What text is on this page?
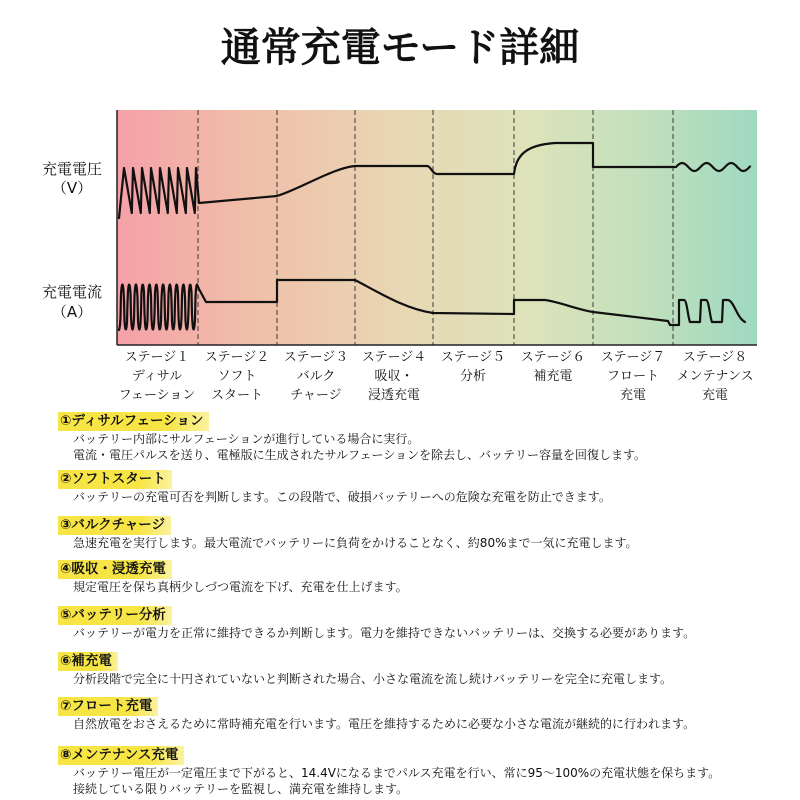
通常充電モード詳細
充電電圧
（V）
充電電流
（A）
ステージ１
ディサル
フェーション
ステージ２
ソフト
スタート
ステージ３
バルク
チャージ
ステージ４
吸収・
浸透充電
ステージ５
分析
ステージ６
補充電
ステージ７
フロート
充電
ステージ８
メンテナンス
充電
①ディサルフェーション
バッテリー内部にサルフェーションが進行している場合に実行。
電流・電圧パルスを送り、電極版に生成されたサルフェーションを除去し、バッテリー容量を回復します。
②ソフトスタート
バッテリーの充電可否を判断します。この段階で、破損バッテリーへの危険な充電を防止できます。
③バルクチャージ
急速充電を実行します。最大電流でバッテリーに負荷をかけることなく、約80%まで一気に充電します。
④吸収・浸透充電
規定電圧を保ち真柄少しづつ電流を下げ、充電を仕上げます。
⑤バッテリー分析
バッテリーが電力を正常に維持できるか判断します。電力を維持できないバッテリーは、交換する必要があります。
⑥補充電
分析段階で完全に十円されていないと判断された場合、小さな電流を流し続けバッテリーを完全に充電します。
⑦フロート充電
自然放電をおさえるために常時補充電を行います。電圧を維持するために必要な小さな電流が継続的に行われます。
⑧メンテナンス充電
バッテリー電圧が一定電圧まで下がると、14.4Vになるまでパルス充電を行い、常に95～100%の充電状態を保ちます。
接続している限りバッテリーを監視し、満充電を維持します。
